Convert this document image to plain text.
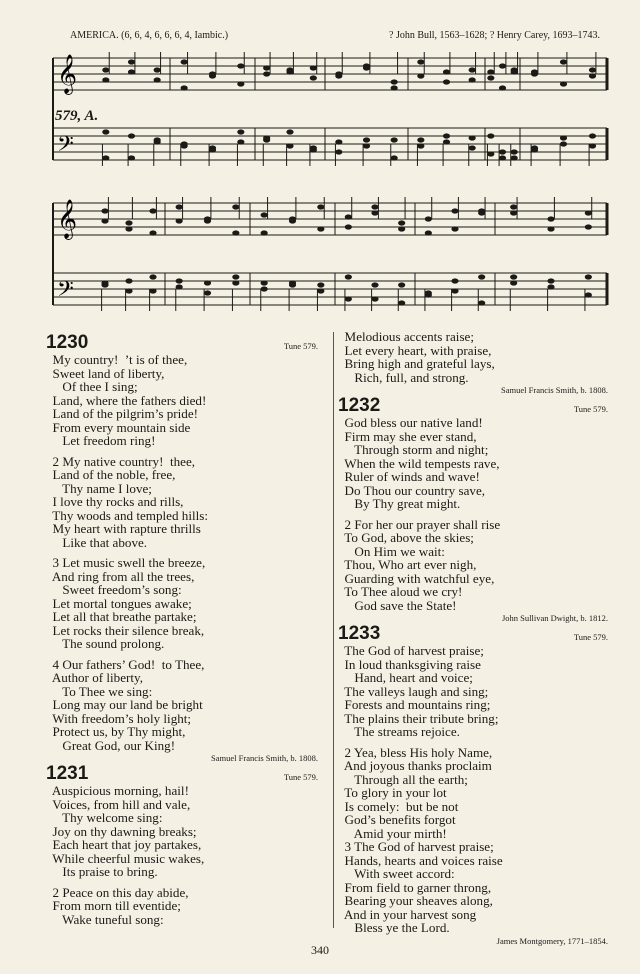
AMERICA. (6, 6, 4, 6, 6, 6, 4, Iambic.)	? John Bull, 1563–1628; ? Henry Carey, 1693–1743.
579, A.
𝄞
𝄢
𝄞
𝄢
1230	Tune 579.
My country!  ’t is of thee,
Sweet land of liberty,
Of thee I sing;
Land, where the fathers died!
Land of the pilgrim’s pride!
From every mountain side
Let freedom ring!
2 My native country!  thee,
Land of the noble, free,
Thy name I love;
I love thy rocks and rills,
Thy woods and templed hills:
My heart with rapture thrills
Like that above.
3 Let music swell the breeze,
And ring from all the trees,
Sweet freedom’s song:
Let mortal tongues awake;
Let all that breathe partake;
Let rocks their silence break,
The sound prolong.
4 Our fathers’ God!  to Thee,
Author of liberty,
To Thee we sing:
Long may our land be bright
With freedom’s holy light;
Protect us, by Thy might,
Great God, our King!
Samuel Francis Smith, b. 1808.
1231	Tune 579.
Auspicious morning, hail!
Voices, from hill and vale,
Thy welcome sing:
Joy on thy dawning breaks;
Each heart that joy partakes,
While cheerful music wakes,
Its praise to bring.
2 Peace on this day abide,
From morn till eventide;
Wake tuneful song:
Melodious accents raise;
Let every heart, with praise,
Bring high and grateful lays,
Rich, full, and strong.
Samuel Francis Smith, b. 1808.
1232	Tune 579.
God bless our native land!
Firm may she ever stand,
Through storm and night;
When the wild tempests rave,
Ruler of winds and wave!
Do Thou our country save,
By Thy great might.
2 For her our prayer shall rise
To God, above the skies;
On Him we wait:
Thou, Who art ever nigh,
Guarding with watchful eye,
To Thee aloud we cry!
God save the State!
John Sullivan Dwight, b. 1812.
1233	Tune 579.
The God of harvest praise;
In loud thanksgiving raise
Hand, heart and voice;
The valleys laugh and sing;
Forests and mountains ring;
The plains their tribute bring;
The streams rejoice.
2 Yea, bless His holy Name,
And joyous thanks proclaim
Through all the earth;
To glory in your lot
Is comely:  but be not
God’s benefits forgot
Amid your mirth!
3 The God of harvest praise;
Hands, hearts and voices raise
With sweet accord:
From field to garner throng,
Bearing your sheaves along,
And in your harvest song
Bless ye the Lord.
James Montgomery, 1771–1854.
340
